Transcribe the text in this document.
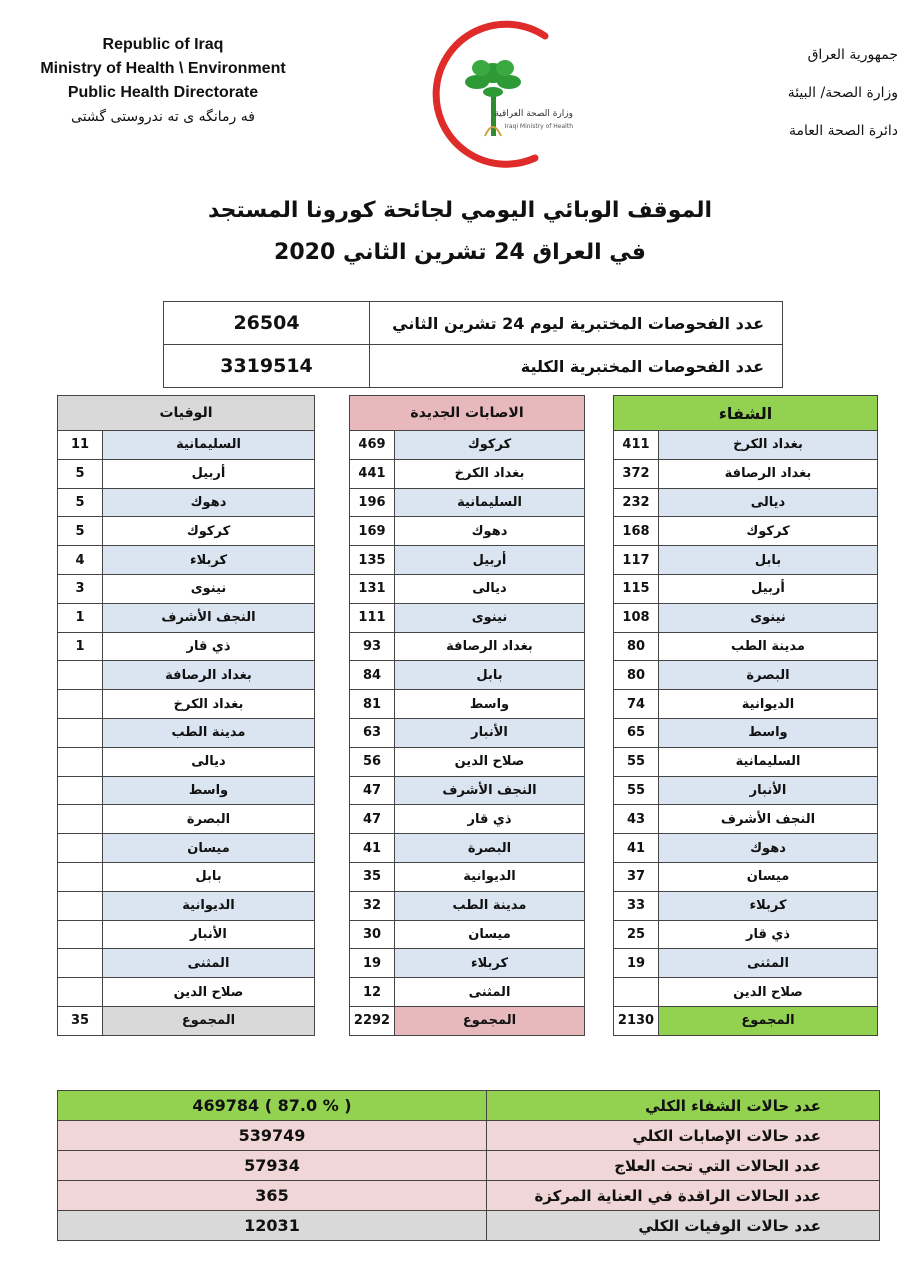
Republic of Iraq
Ministry of Health \ Environment
Public Health Directorate
فه رمانگه ى ته ندروستى گشتى	وزارة الصحة العراقية
Iraqi Ministry of Health
جمهورية العراق
وزارة الصحة/ البيئة
دائرة الصحة العامة
الموقف الوبائي اليومي لجائحة كورونا المستجد
في العراق 24 تشرين الثاني 2020
26504	عدد الفحوصات المختبرية ليوم 24 تشرين الثاني
3319514	عدد الفحوصات المختبرية الكلية
الوفيات	
11	السليمانية
5	أربيل
5	دهوك
5	كركوك
4	كربلاء
3	نينوى
1	النجف الأشرف
1	ذي قار
	بغداد الرصافة
	بغداد الكرخ
	مدينة الطب
	ديالى
	واسط
	البصرة
	ميسان
	بابل
	الديوانية
	الأنبار
	المثنى
	صلاح الدين
35	المجموع
الاصابات الجديدة	
469	كركوك
441	بغداد الكرخ
196	السليمانية
169	دهوك
135	أربيل
131	ديالى
111	نينوى
93	بغداد الرصافة
84	بابل
81	واسط
63	الأنبار
56	صلاح الدين
47	النجف الأشرف
47	ذي قار
41	البصرة
35	الديوانية
32	مدينة الطب
30	ميسان
19	كربلاء
12	المثنى
2292	المجموع
الشفاء	
411	بغداد الكرخ
372	بغداد الرصافة
232	ديالى
168	كركوك
117	بابل
115	أربيل
108	نينوى
80	مدينة الطب
80	البصرة
74	الديوانية
65	واسط
55	السليمانية
55	الأنبار
43	النجف الأشرف
41	دهوك
37	ميسان
33	كربلاء
25	ذي قار
19	المثنى
	صلاح الدين
2130	المجموع
469784 ( 87.0 % )	عدد حالات الشفاء الكلي
539749	عدد حالات الإصابات الكلي
57934	عدد الحالات التي تحت العلاج
365	عدد الحالات الراقدة في العناية المركزة
12031	عدد حالات الوفيات الكلي
